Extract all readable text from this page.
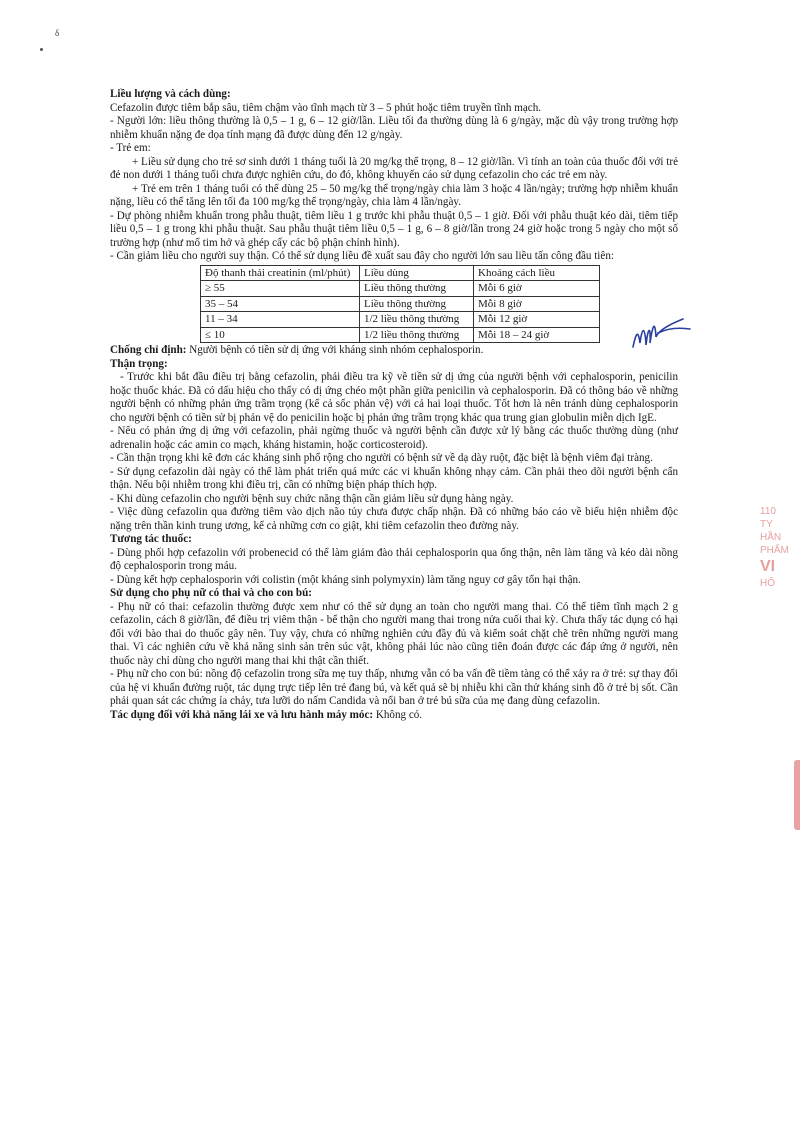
δ

Liều lượng và cách dùng:

Cefazolin được tiêm bắp sâu, tiêm chậm vào tĩnh mạch từ 3 – 5 phút hoặc tiêm truyền tĩnh mạch.

- Người lớn: liều thông thường là 0,5 – 1 g, 6 – 12 giờ/lần. Liều tối đa thường dùng là 6 g/ngày, mặc dù vậy trong trường hợp nhiễm khuẩn nặng đe dọa tính mạng đã được dùng đến 12 g/ngày.

- Trẻ em:

+ Liều sử dụng cho trẻ sơ sinh dưới 1 tháng tuổi là 20 mg/kg thể trọng, 8 – 12 giờ/lần. Vì tính an toàn của thuốc đối với trẻ đẻ non dưới 1 tháng tuổi chưa được nghiên cứu, do đó, không khuyến cáo sử dụng cefazolin cho các trẻ em này.

+ Trẻ em trên 1 tháng tuổi có thể dùng 25 – 50 mg/kg thể trọng/ngày chia làm 3 hoặc 4 lần/ngày; trường hợp nhiễm khuẩn nặng, liều có thể tăng lên tối đa 100 mg/kg thể trọng/ngày, chia làm 4 lần/ngày.

- Dự phòng nhiễm khuẩn trong phẫu thuật, tiêm liều 1 g trước khi phẫu thuật 0,5 – 1 giờ. Đối với phẫu thuật kéo dài, tiêm tiếp liều 0,5 – 1 g trong khi phẫu thuật. Sau phẫu thuật tiêm liều 0,5 – 1 g, 6 – 8 giờ/lần trong 24 giờ hoặc trong 5 ngày cho một số trường hợp (như mổ tim hở và ghép cấy các bộ phận chỉnh hình).

- Cần giảm liều cho người suy thận. Có thể sử dụng liều đề xuất sau đây cho người lớn sau liều tấn công đầu tiên:

Độ thanh thải creatinin (ml/phút)	Liều dùng	Khoảng cách liều
≥ 55	Liều thông thường	Mỗi 6 giờ
35 – 54	Liều thông thường	Mỗi 8 giờ
11 – 34	1/2 liều thông thường	Mỗi 12 giờ
≤ 10	1/2 liều thông thường	Mỗi 18 – 24 giờ

Chống chỉ định: Người bệnh có tiền sử dị ứng với kháng sinh nhóm cephalosporin.

Thận trọng:

- Trước khi bắt đầu điều trị bằng cefazolin, phải điều tra kỹ về tiền sử dị ứng của người bệnh với cephalosporin, penicilin hoặc thuốc khác. Đã có dấu hiệu cho thấy có dị ứng chéo một phần giữa penicilin và cephalosporin. Đã có thông báo về những người bệnh có những phản ứng trầm trọng (kể cả sốc phản vệ) với cả hai loại thuốc. Tốt hơn là nên tránh dùng cephalosporin cho người bệnh có tiền sử bị phản vệ do penicilin hoặc bị phản ứng trầm trọng khác qua trung gian globulin miễn dịch IgE.

- Nếu có phản ứng dị ứng với cefazolin, phải ngừng thuốc và người bệnh cần được xử lý bằng các thuốc thường dùng (như adrenalin hoặc các amin co mạch, kháng histamin, hoặc corticosteroid).

- Cần thận trọng khi kê đơn các kháng sinh phổ rộng cho người có bệnh sử về dạ dày ruột, đặc biệt là bệnh viêm đại tràng.

- Sử dụng cefazolin dài ngày có thể làm phát triển quá mức các vi khuẩn không nhạy cảm. Cần phải theo dõi người bệnh cẩn thận. Nếu bội nhiễm trong khi điều trị, cần có những biện pháp thích hợp.

- Khi dùng cefazolin cho người bệnh suy chức năng thận cần giảm liều sử dụng hàng ngày.

- Việc dùng cefazolin qua đường tiêm vào dịch não tủy chưa được chấp nhận. Đã có những báo cáo về biểu hiện nhiễm độc nặng trên thần kinh trung ương, kể cả những cơn co giật, khi tiêm cefazolin theo đường này.

Tương tác thuốc:

- Dùng phối hợp cefazolin với probenecid có thể làm giảm đào thải cephalosporin qua ống thận, nên làm tăng và kéo dài nồng độ cephalosporin trong máu.

- Dùng kết hợp cephalosporin với colistin (một kháng sinh polymyxin) làm tăng nguy cơ gây tổn hại thận.

Sử dụng cho phụ nữ có thai và cho con bú:

- Phụ nữ có thai: cefazolin thường được xem như có thể sử dụng an toàn cho người mang thai. Có thể tiêm tĩnh mạch 2 g cefazolin, cách 8 giờ/lần, để điều trị viêm thận - bể thận cho người mang thai trong nửa cuối thai kỳ. Chưa thấy tác dụng có hại đối với bào thai do thuốc gây nên. Tuy vậy, chưa có những nghiên cứu đầy đủ và kiểm soát chặt chẽ trên những người mang thai. Vì các nghiên cứu về khả năng sinh sản trên súc vật, không phải lúc nào cũng tiên đoán được các đáp ứng ở người, nên thuốc này chỉ dùng cho người mang thai khi thật cần thiết.

- Phụ nữ cho con bú: nồng độ cefazolin trong sữa mẹ tuy thấp, nhưng vẫn có ba vấn đề tiềm tàng có thể xảy ra ở trẻ: sự thay đổi của hệ vi khuẩn đường ruột, tác dụng trực tiếp lên trẻ đang bú, và kết quả sẽ bị nhiễu khi cần thử kháng sinh đồ ở trẻ bị sốt. Cần phải quan sát các chứng ỉa chảy, tưa lưỡi do nấm Candida và nổi ban ở trẻ bú sữa của mẹ đang dùng cefazolin.

Tác dụng đối với khả năng lái xe và lưu hành máy móc: Không có.

110
TY
HẦN
PHẨM
VI
HÔ
